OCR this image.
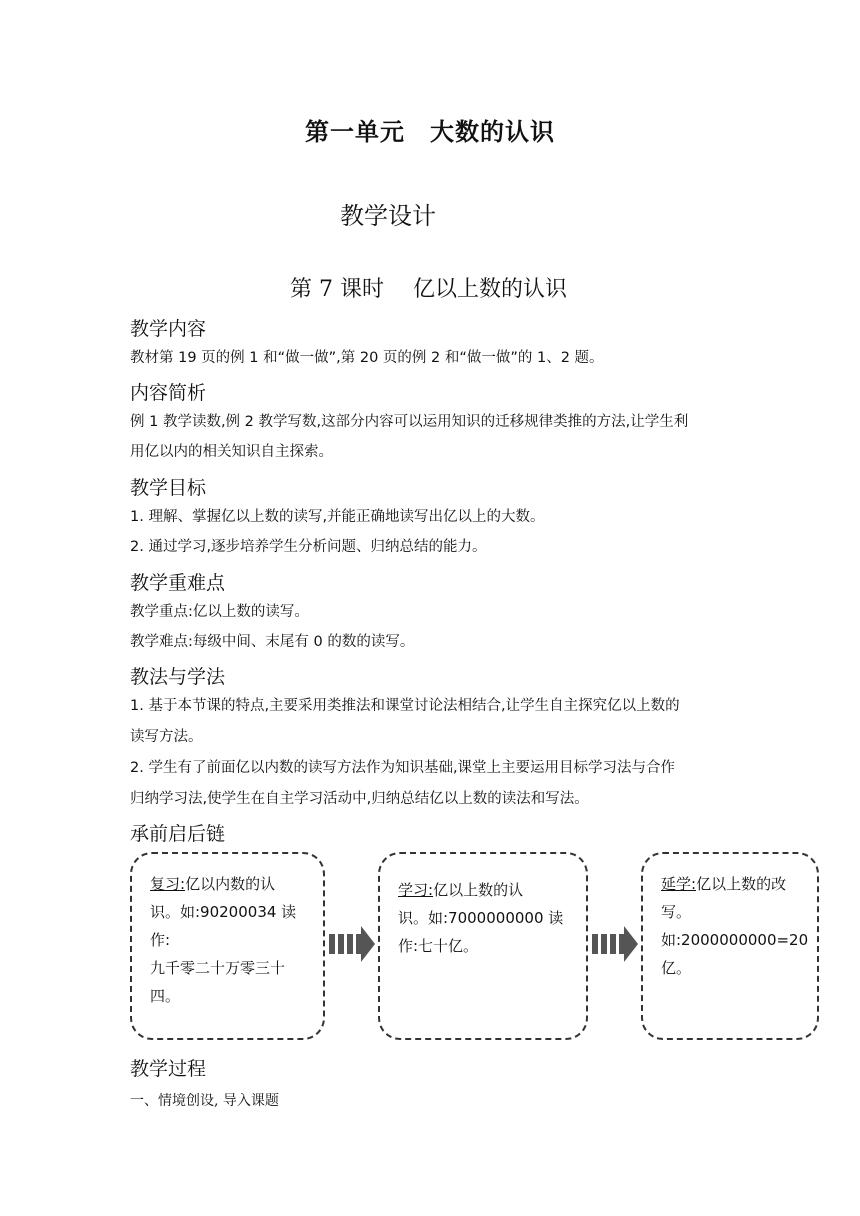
第一单元　大数的认识
教学设计
第 7 课时　 亿以上数的认识
教学内容
教材第 19 页的例 1 和“做一做”,第 20 页的例 2 和“做一做”的 1、2 题。
内容简析
例 1 教学读数,例 2 教学写数,这部分内容可以运用知识的迁移规律类推的方法,让学生利
用亿以内的相关知识自主探索。
教学目标
1. 理解、掌握亿以上数的读写,并能正确地读写出亿以上的大数。
2. 通过学习,逐步培养学生分析问题、归纳总结的能力。
教学重难点
教学重点:亿以上数的读写。
教学难点:每级中间、末尾有 0 的数的读写。
教法与学法
1. 基于本节课的特点,主要采用类推法和课堂讨论法相结合,让学生自主探究亿以上数的
读写方法。
2. 学生有了前面亿以内数的读写方法作为知识基础,课堂上主要运用目标学习法与合作
归纳学习法,使学生在自主学习活动中,归纳总结亿以上数的读法和写法。
承前启后链
复习:亿以内数的认
识。如:90200034 读作:
九千零二十万零三十
四。
学习:亿以上数的认
识。如:7000000000 读
作:七十亿。
延学:亿以上数的改
写。
如:2000000000=20
亿。
教学过程
一、情境创设, 导入课题
